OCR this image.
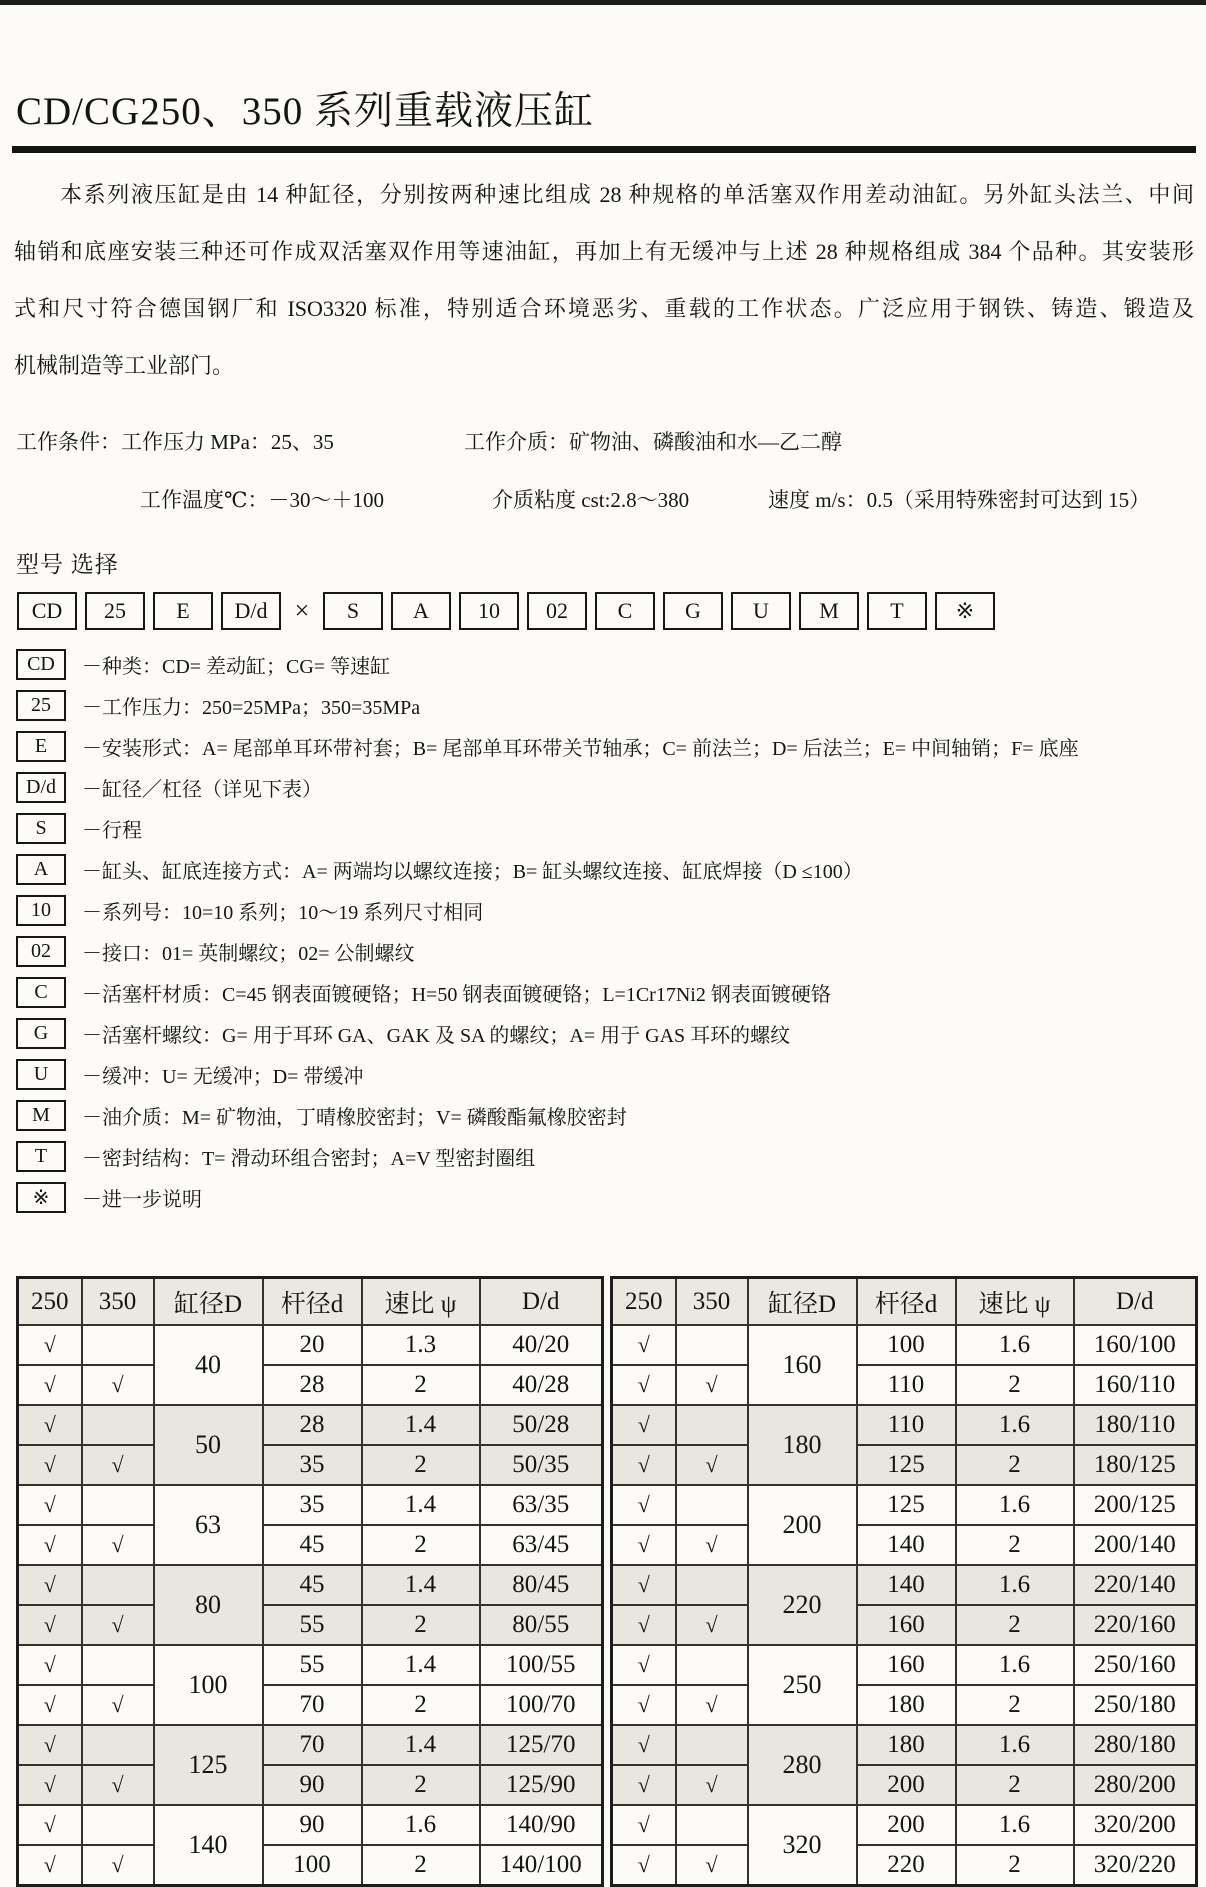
CD/CG250、350 系列重载液压缸
本系列液压缸是由 14 种缸径，分别按两种速比组成 28 种规格的单活塞双作用差动油缸。另外缸头法兰、中间
轴销和底座安装三种还可作成双活塞双作用等速油缸，再加上有无缓冲与上述 28 种规格组成 384 个品种。其安装形
式和尺寸符合德国钢厂和 ISO3320 标准，特别适合环境恶劣、重载的工作状态。广泛应用于钢铁、铸造、锻造及
机械制造等工业部门。
工作条件：工作压力 MPa：25、35	工作介质：矿物油、磷酸油和水—乙二醇
工作温度℃：－30～＋100	介质粘度 cst:2.8～380	速度 m/s：0.5（采用特殊密封可达到 15）
型号 选择
CD	25	E	D/d	×	S	A	10	02	C	G	U	M	T	※
CD	－种类：CD= 差动缸；CG= 等速缸
25	－工作压力：250=25MPa；350=35MPa
E	－安装形式：A= 尾部单耳环带衬套；B= 尾部单耳环带关节轴承；C= 前法兰；D= 后法兰；E= 中间轴销；F= 底座
D/d	－缸径／杠径（详见下表）
S	－行程
A	－缸头、缸底连接方式：A= 两端均以螺纹连接；B= 缸头螺纹连接、缸底焊接（D ≤100）
10	－系列号：10=10 系列；10～19 系列尺寸相同
02	－接口：01= 英制螺纹；02= 公制螺纹
C	－活塞杆材质：C=45 钢表面镀硬铬；H=50 钢表面镀硬铬；L=1Cr17Ni2 钢表面镀硬铬
G	－活塞杆螺纹：G= 用于耳环 GA、GAK 及 SA 的螺纹；A= 用于 GAS 耳环的螺纹
U	－缓冲：U= 无缓冲；D= 带缓冲
M	－油介质：M= 矿物油，丁晴橡胶密封；V= 磷酸酯氟橡胶密封
T	－密封结构：T= 滑动环组合密封；A=V 型密封圈组
※	－进一步说明
250	350	缸径D	杆径d	速比 ψ	D/d
√		40	20	1.3	40/20
√	√		28	2	40/28
√		50	28	1.4	50/28
√	√		35	2	50/35
√		63	35	1.4	63/35
√	√		45	2	63/45
√		80	45	1.4	80/45
√	√		55	2	80/55
√		100	55	1.4	100/55
√	√		70	2	100/70
√		125	70	1.4	125/70
√	√		90	2	125/90
√		140	90	1.6	140/90
√	√		100	2	140/100
250	350	缸径D	杆径d	速比 ψ	D/d
√		160	100	1.6	160/100
√	√		110	2	160/110
√		180	110	1.6	180/110
√	√		125	2	180/125
√		200	125	1.6	200/125
√	√		140	2	200/140
√		220	140	1.6	220/140
√	√		160	2	220/160
√		250	160	1.6	250/160
√	√		180	2	250/180
√		280	180	1.6	280/180
√	√		200	2	280/200
√		320	200	1.6	320/200
√	√		220	2	320/220
